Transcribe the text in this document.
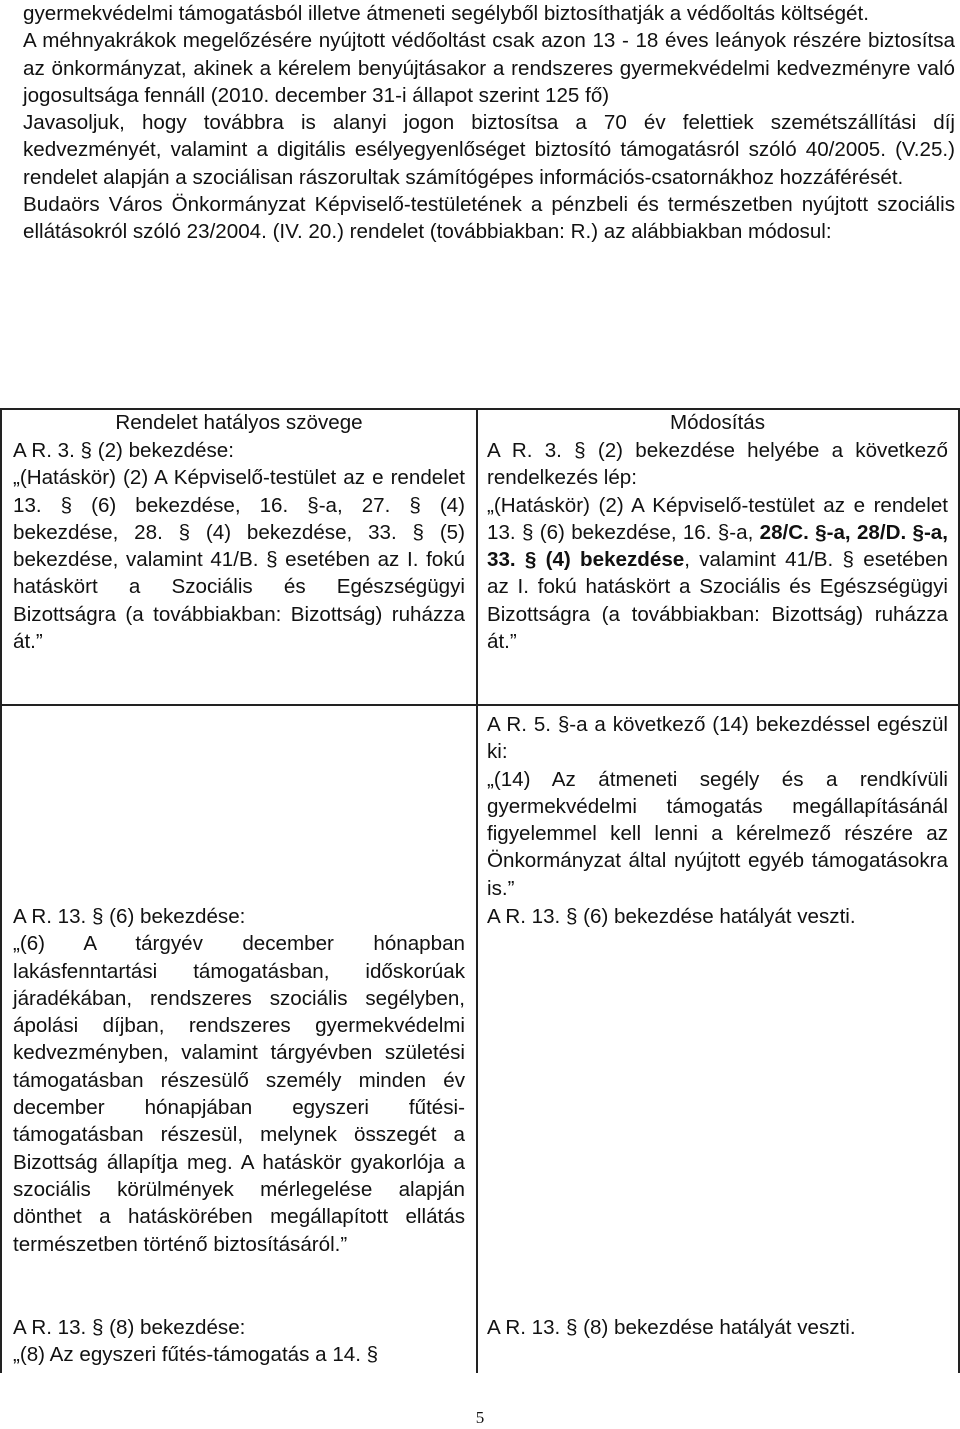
gyermekvédelmi támogatásból illetve átmeneti segélyből biztosíthatják a védőoltás költségét.

A méhnyakrákok megelőzésére nyújtott védőoltást csak azon 13 - 18 éves leányok részére biztosítsa az önkormányzat, akinek a kérelem benyújtásakor a rendszeres gyermekvédelmi kedvezményre való jogosultsága fennáll (2010. december 31-i állapot szerint 125 fő)

Javasoljuk, hogy továbbra is alanyi jogon biztosítsa a 70 év felettiek szemétszállítási díj kedvezményét, valamint a digitális esélyegyenlőséget biztosító támogatásról szóló 40/2005. (V.25.) rendelet alapján a szociálisan rászorultak számítógépes információs-csatornákhoz hozzáférését.

Budaörs Város Önkormányzat Képviselő-testületének a pénzbeli és természetben nyújtott szociális ellátásokról szóló 23/2004. (IV. 20.) rendelet (továbbiakban: R.) az alábbiakban módosul:

Rendelet hatályos szövege	Módosítás

A R. 3. § (2) bekezdése:

„(Hatáskör) (2) A Képviselő-testület az e rendelet 13. § (6) bekezdése, 16. §-a, 27. § (4) bekezdése, 28. § (4) bekezdése, 33. § (5) bekezdése, valamint 41/B. § esetében az I. fokú hatáskört a Szociális és Egészségügyi Bizottságra (a továbbiakban: Bizottság) ruházza át.”

A R. 3. § (2) bekezdése helyébe a következő rendelkezés lép:

„(Hatáskör) (2) A Képviselő-testület az e rendelet 13. § (6) bekezdése, 16. §-a, 28/C. §-a, 28/D. §-a, 33. § (4) bekezdése, valamint 41/B. § esetében az I. fokú hatáskört a Szociális és Egészségügyi Bizottságra (a továbbiakban: Bizottság) ruházza át.”

A R. 5. §-a a következő (14) bekezdéssel egészül ki:

„(14) Az átmeneti segély és a rendkívüli gyermekvédelmi támogatás megállapításánál figyelemmel kell lenni a kérelmező részére az Önkormányzat által nyújtott egyéb támogatásokra is.”

A R. 13. § (6) bekezdése:

„(6) A tárgyév december hónapban lakásfenntartási támogatásban, időskorúak járadékában, rendszeres szociális segélyben, ápolási díjban, rendszeres gyermekvédelmi kedvezményben, valamint tárgyévben születési támogatásban részesülő személy minden év december hónapjában egyszeri fűtési-támogatásban részesül, melynek összegét a Bizottság állapítja meg. A hatáskör gyakorlója a szociális körülmények mérlegelése alapján dönthet a hatáskörében megállapított ellátás természetben történő biztosításáról.”

A R. 13. § (6) bekezdése hatályát veszti.

A R. 13. § (8) bekezdése:

„(8) Az egyszeri fűtés-támogatás a 14. §

A R. 13. § (8) bekezdése hatályát veszti.
5
